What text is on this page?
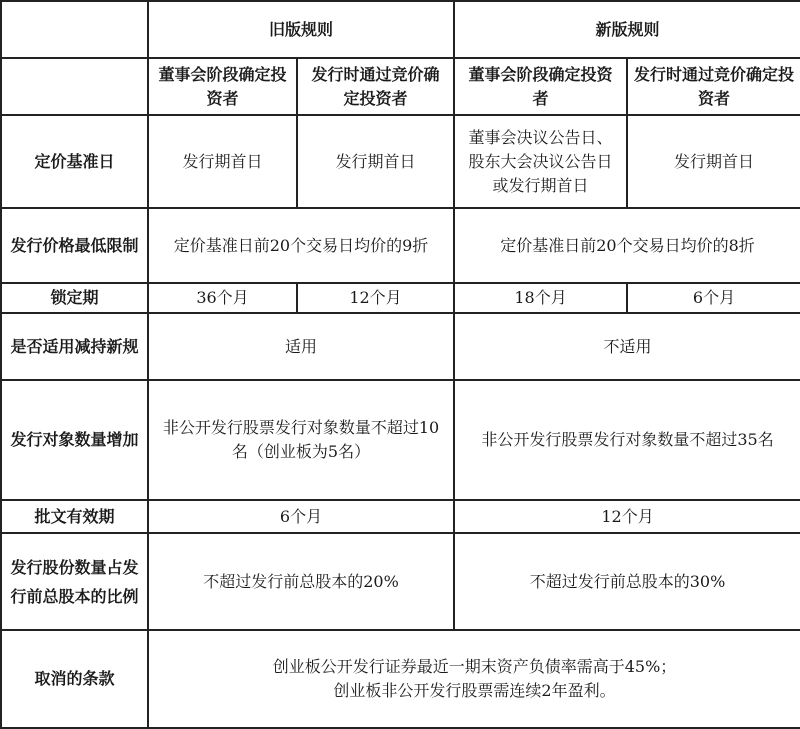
	旧版规则		新版规则	
	董事会阶段确定投资者	发行时通过竞价确定投资者	董事会阶段确定投资者	发行时通过竞价确定投资者
定价基准日	发行期首日	发行期首日	董事会决议公告日、股东大会决议公告日或发行期首日	发行期首日
发行价格最低限制	定价基准日前20个交易日均价的9折		定价基准日前20个交易日均价的8折	
锁定期	36个月	12个月	18个月	6个月
是否适用减持新规	适用		不适用	
发行对象数量增加	非公开发行股票发行对象数量不超过10名（创业板为5名）		非公开发行股票发行对象数量不超过35名	
批文有效期	6个月		12个月	
发行股份数量占发行前总股本的比例	不超过发行前总股本的20%		不超过发行前总股本的30%	
取消的条款	创业板公开发行证券最近一期末资产负债率需高于45%；
创业板非公开发行股票需连续2年盈利。			
